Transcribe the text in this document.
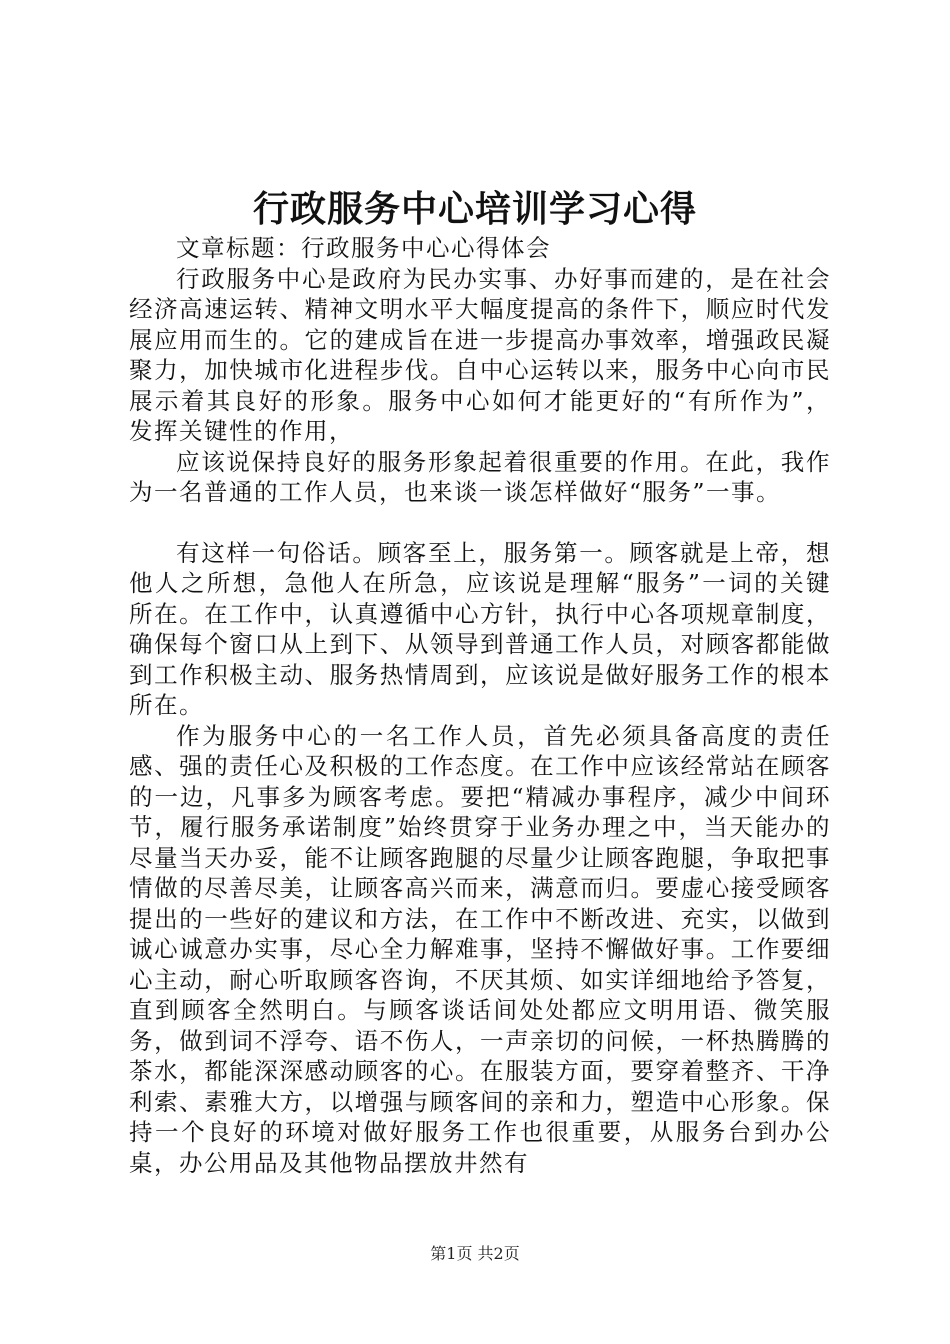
行政服务中心培训学习心得

文章标题：行政服务中心心得体会

行政服务中心是政府为民办实事、办好事而建的，是在社会经济高速运转、精神文明水平大幅度提高的条件下，顺应时代发展应用而生的。它的建成旨在进一步提高办事效率，增强政民凝聚力，加快城市化进程步伐。自中心运转以来，服务中心向市民展示着其良好的形象。服务中心如何才能更好的“有所作为”，发挥关键性的作用，

应该说保持良好的服务形象起着很重要的作用。在此，我作为一名普通的工作人员，也来谈一谈怎样做好“服务”一事。

有这样一句俗话。顾客至上，服务第一。顾客就是上帝，想他人之所想，急他人在所急，应该说是理解“服务”一词的关键所在。在工作中，认真遵循中心方针，执行中心各项规章制度，确保每个窗口从上到下、从领导到普通工作人员，对顾客都能做到工作积极主动、服务热情周到，应该说是做好服务工作的根本所在。

作为服务中心的一名工作人员，首先必须具备高度的责任感、强的责任心及积极的工作态度。在工作中应该经常站在顾客的一边，凡事多为顾客考虑。要把“精减办事程序，减少中间环节，履行服务承诺制度”始终贯穿于业务办理之中，当天能办的尽量当天办妥，能不让顾客跑腿的尽量少让顾客跑腿，争取把事情做的尽善尽美，让顾客高兴而来，满意而归。要虚心接受顾客提出的一些好的建议和方法，在工作中不断改进、充实，以做到诚心诚意办实事，尽心全力解难事，坚持不懈做好事。工作要细心主动，耐心听取顾客咨询，不厌其烦、如实详细地给予答复，直到顾客全然明白。与顾客谈话间处处都应文明用语、微笑服务，做到词不浮夸、语不伤人，一声亲切的问候，一杯热腾腾的茶水，都能深深感动顾客的心。在服装方面，要穿着整齐、干净利索、素雅大方，以增强与顾客间的亲和力，塑造中心形象。保持一个良好的环境对做好服务工作也很重要，从服务台到办公桌，办公用品及其他物品摆放井然有

第1页 共2页
